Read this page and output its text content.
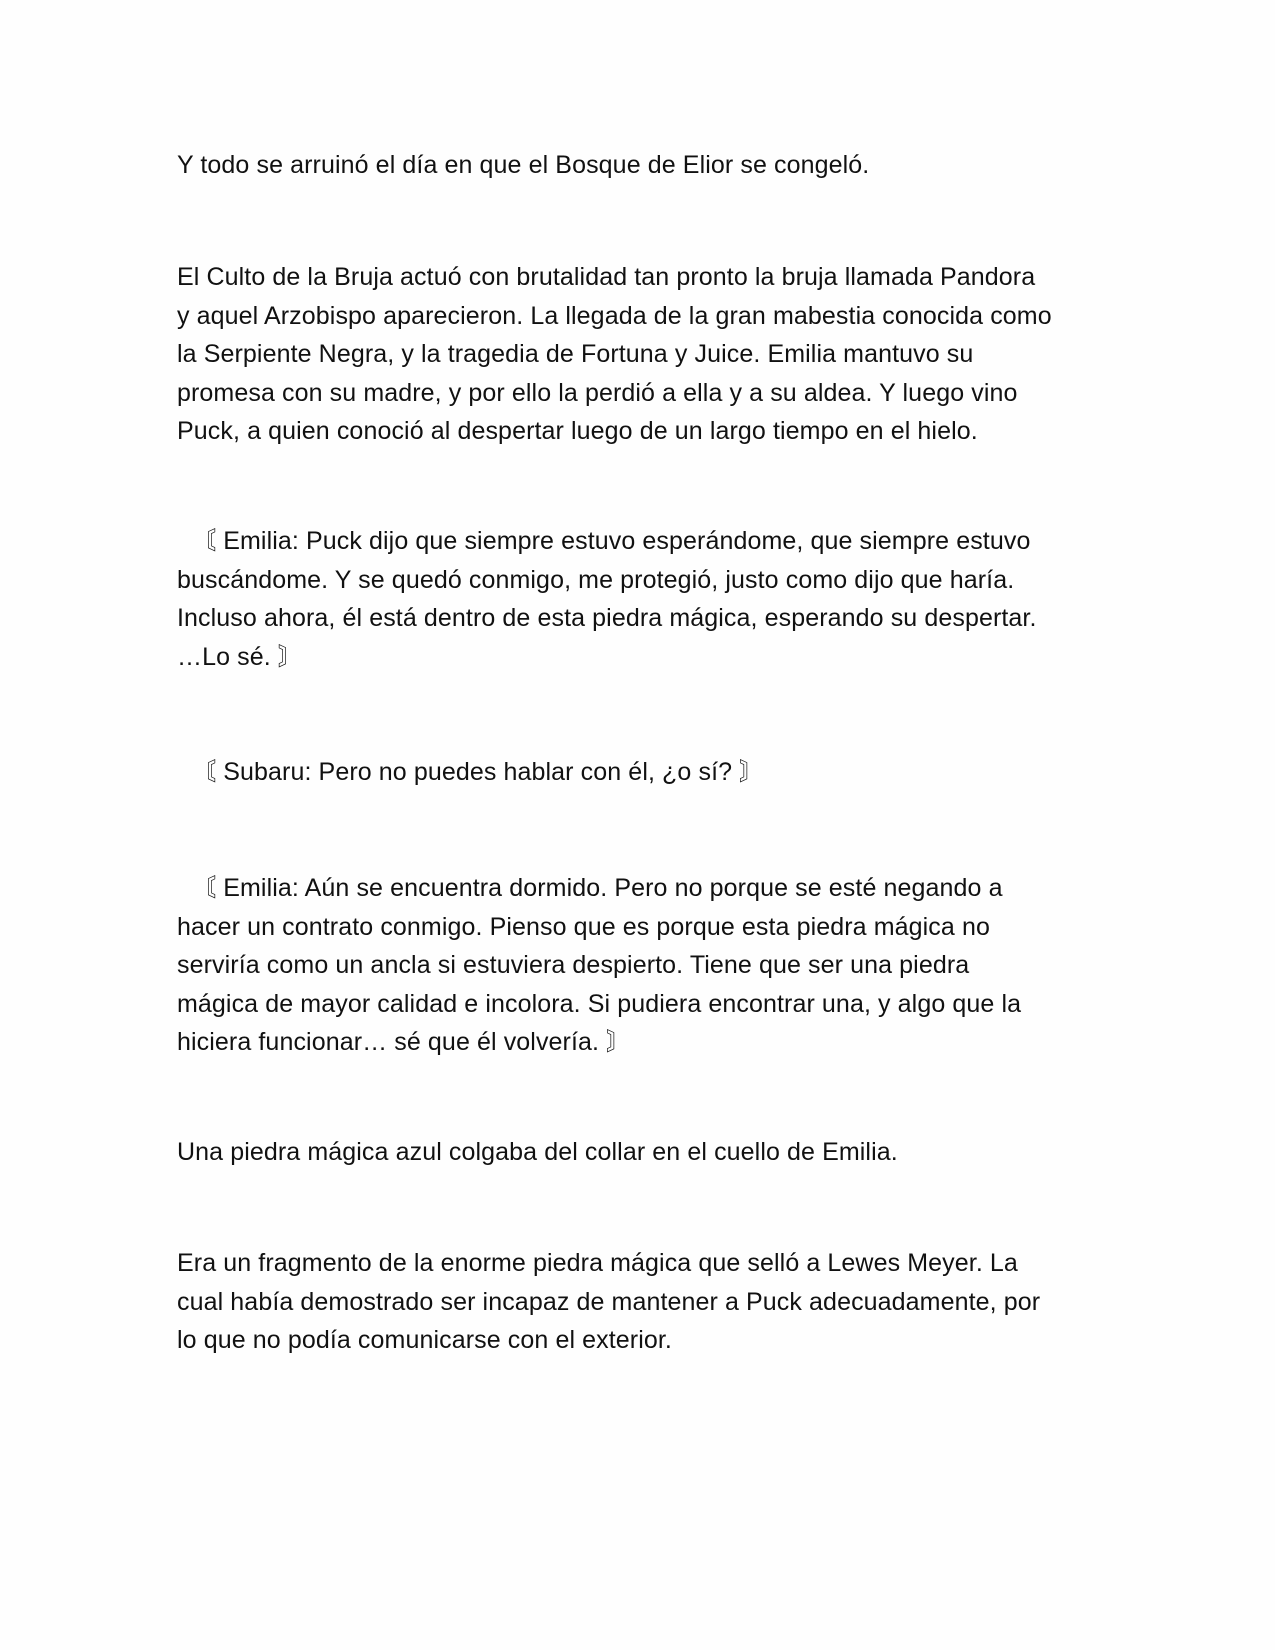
Y todo se arruinó el día en que el Bosque de Elior se congeló.

El Culto de la Bruja actuó con brutalidad tan pronto la bruja llamada Pandora
y aquel Arzobispo aparecieron. La llegada de la gran mabestia conocida como
la Serpiente Negra, y la tragedia de Fortuna y Juice. Emilia mantuvo su
promesa con su madre, y por ello la perdió a ella y a su aldea. Y luego vino
Puck, a quien conoció al despertar luego de un largo tiempo en el hielo.

〘 Emilia: Puck dijo que siempre estuvo esperándome, que siempre estuvo
buscándome. Y se quedó conmigo, me protegió, justo como dijo que haría.
Incluso ahora, él está dentro de esta piedra mágica, esperando su despertar.
…Lo sé. 〙

〘 Subaru: Pero no puedes hablar con él, ¿o sí? 〙

〘 Emilia: Aún se encuentra dormido. Pero no porque se esté negando a
hacer un contrato conmigo. Pienso que es porque esta piedra mágica no
serviría como un ancla si estuviera despierto. Tiene que ser una piedra
mágica de mayor calidad e incolora. Si pudiera encontrar una, y algo que la
hiciera funcionar… sé que él volvería. 〙

Una piedra mágica azul colgaba del collar en el cuello de Emilia.

Era un fragmento de la enorme piedra mágica que selló a Lewes Meyer. La
cual había demostrado ser incapaz de mantener a Puck adecuadamente, por
lo que no podía comunicarse con el exterior.
